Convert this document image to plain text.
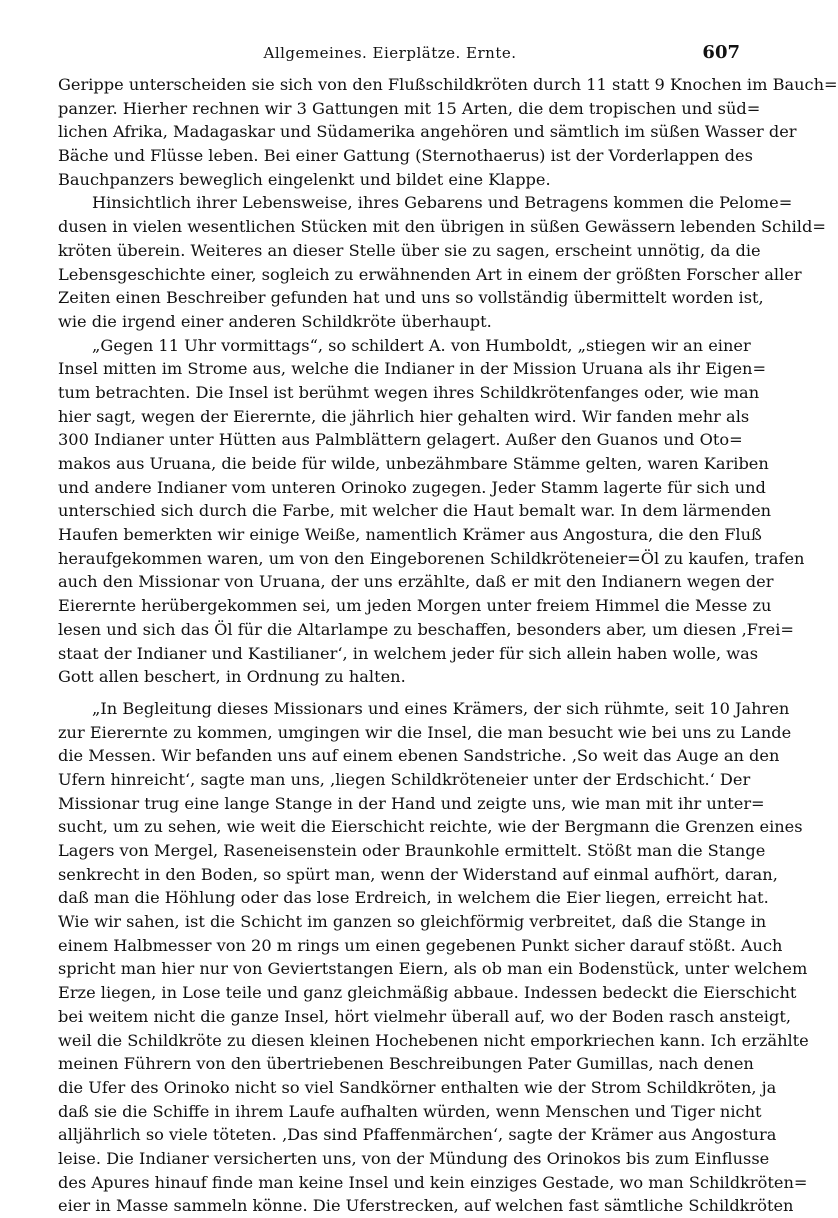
Allgemeines. Eierplätze. Ernte.	607
Gerippe unterscheiden sie sich von den Flußschildkröten durch 11 statt 9 Knochen im Bauch=
panzer. Hierher rechnen wir 3 Gattungen mit 15 Arten, die dem tropischen und süd=
lichen Afrika, Madagaskar und Südamerika angehören und sämtlich im süßen Wasser der
Bäche und Flüsse leben. Bei einer Gattung (Sternothaerus) ist der Vorderlappen des
Bauchpanzers beweglich eingelenkt und bildet eine Klappe.
Hinsichtlich ihrer Lebensweise, ihres Gebarens und Betragens kommen die Pelome=
dusen in vielen wesentlichen Stücken mit den übrigen in süßen Gewässern lebenden Schild=
kröten überein. Weiteres an dieser Stelle über sie zu sagen, erscheint unnötig, da die
Lebensgeschichte einer, sogleich zu erwähnenden Art in einem der größten Forscher aller
Zeiten einen Beschreiber gefunden hat und uns so vollständig übermittelt worden ist,
wie die irgend einer anderen Schildkröte überhaupt.
„Gegen 11 Uhr vormittags“, so schildert A. von Humboldt, „stiegen wir an einer
Insel mitten im Strome aus, welche die Indianer in der Mission Uruana als ihr Eigen=
tum betrachten. Die Insel ist berühmt wegen ihres Schildkrötenfanges oder, wie man
hier sagt, wegen der Eierernte, die jährlich hier gehalten wird. Wir fanden mehr als
300 Indianer unter Hütten aus Palmblättern gelagert. Außer den Guanos und Oto=
makos aus Uruana, die beide für wilde, unbezähmbare Stämme gelten, waren Kariben
und andere Indianer vom unteren Orinoko zugegen. Jeder Stamm lagerte für sich und
unterschied sich durch die Farbe, mit welcher die Haut bemalt war. In dem lärmenden
Haufen bemerkten wir einige Weiße, namentlich Krämer aus Angostura, die den Fluß
heraufgekommen waren, um von den Eingeborenen Schildkröteneier=Öl zu kaufen, trafen
auch den Missionar von Uruana, der uns erzählte, daß er mit den Indianern wegen der
Eierernte herübergekommen sei, um jeden Morgen unter freiem Himmel die Messe zu
lesen und sich das Öl für die Altarlampe zu beschaffen, besonders aber, um diesen ‚Frei=
staat der Indianer und Kastilianer‘, in welchem jeder für sich allein haben wolle, was
Gott allen beschert, in Ordnung zu halten.
„In Begleitung dieses Missionars und eines Krämers, der sich rühmte, seit 10 Jahren
zur Eierernte zu kommen, umgingen wir die Insel, die man besucht wie bei uns zu Lande
die Messen. Wir befanden uns auf einem ebenen Sandstriche. ‚So weit das Auge an den
Ufern hinreicht‘, sagte man uns, ‚liegen Schildkröteneier unter der Erdschicht.‘ Der
Missionar trug eine lange Stange in der Hand und zeigte uns, wie man mit ihr unter=
sucht, um zu sehen, wie weit die Eierschicht reichte, wie der Bergmann die Grenzen eines
Lagers von Mergel, Raseneisenstein oder Braunkohle ermittelt. Stößt man die Stange
senkrecht in den Boden, so spürt man, wenn der Widerstand auf einmal aufhört, daran,
daß man die Höhlung oder das lose Erdreich, in welchem die Eier liegen, erreicht hat.
Wie wir sahen, ist die Schicht im ganzen so gleichförmig verbreitet, daß die Stange in
einem Halbmesser von 20 m rings um einen gegebenen Punkt sicher darauf stößt. Auch
spricht man hier nur von Geviertstangen Eiern, als ob man ein Bodenstück, unter welchem
Erze liegen, in Lose teile und ganz gleichmäßig abbaue. Indessen bedeckt die Eierschicht
bei weitem nicht die ganze Insel, hört vielmehr überall auf, wo der Boden rasch ansteigt,
weil die Schildkröte zu diesen kleinen Hochebenen nicht emporkriechen kann. Ich erzählte
meinen Führern von den übertriebenen Beschreibungen Pater Gumillas, nach denen
die Ufer des Orinoko nicht so viel Sandkörner enthalten wie der Strom Schildkröten, ja
daß sie die Schiffe in ihrem Laufe aufhalten würden, wenn Menschen und Tiger nicht
alljährlich so viele töteten. ‚Das sind Pfaffenmärchen‘, sagte der Krämer aus Angostura
leise. Die Indianer versicherten uns, von der Mündung des Orinokos bis zum Einflusse
des Apures hinauf finde man keine Insel und kein einziges Gestade, wo man Schildkröten=
eier in Masse sammeln könne. Die Uferstrecken, auf welchen fast sämtliche Schildkröten
